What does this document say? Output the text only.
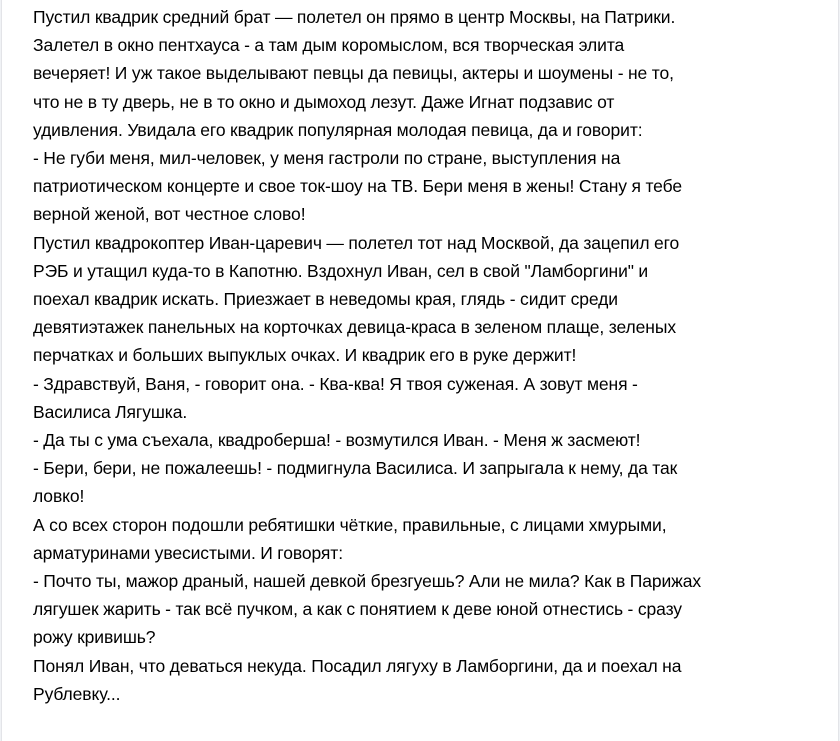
Пустил квадрик средний брат — полетел он прямо в центр Москвы, на Патрики.
Залетел в окно пентхауса - а там дым коромыслом, вся творческая элита
вечеряет! И уж такое выделывают певцы да певицы, актеры и шоумены - не то,
что не в ту дверь, не в то окно и дымоход лезут. Даже Игнат подзавис от
удивления. Увидала его квадрик популярная молодая певица, да и говорит:
- Не губи меня, мил-человек, у меня гастроли по стране, выступления на
патриотическом концерте и свое ток-шоу на ТВ. Бери меня в жены! Стану я тебе
верной женой, вот честное слово!
Пустил квадрокоптер Иван-царевич — полетел тот над Москвой, да зацепил его
РЭБ и утащил куда-то в Капотню. Вздохнул Иван, сел в свой "Ламборгини" и
поехал квадрик искать. Приезжает в неведомы края, глядь - сидит среди
девятиэтажек панельных на корточках девица-краса в зеленом плаще, зеленых
перчатках и больших выпуклых очках. И квадрик его в руке держит!
- Здравствуй, Ваня, - говорит она. - Ква-ква! Я твоя суженая. А зовут меня -
Василиса Лягушка.
- Да ты с ума съехала, квадроберша! - возмутился Иван. - Меня ж засмеют!
- Бери, бери, не пожалеешь! - подмигнула Василиса. И запрыгала к нему, да так
ловко!
А со всех сторон подошли ребятишки чёткие, правильные, с лицами хмурыми,
арматуринами увесистыми. И говорят:
- Почто ты, мажор драный, нашей девкой брезгуешь? Али не мила? Как в Парижах
лягушек жарить - так всё пучком, а как с понятием к деве юной отнестись - сразу
рожу кривишь?
Понял Иван, что деваться некуда. Посадил лягуху в Ламборгини, да и поехал на
Рублевку...
